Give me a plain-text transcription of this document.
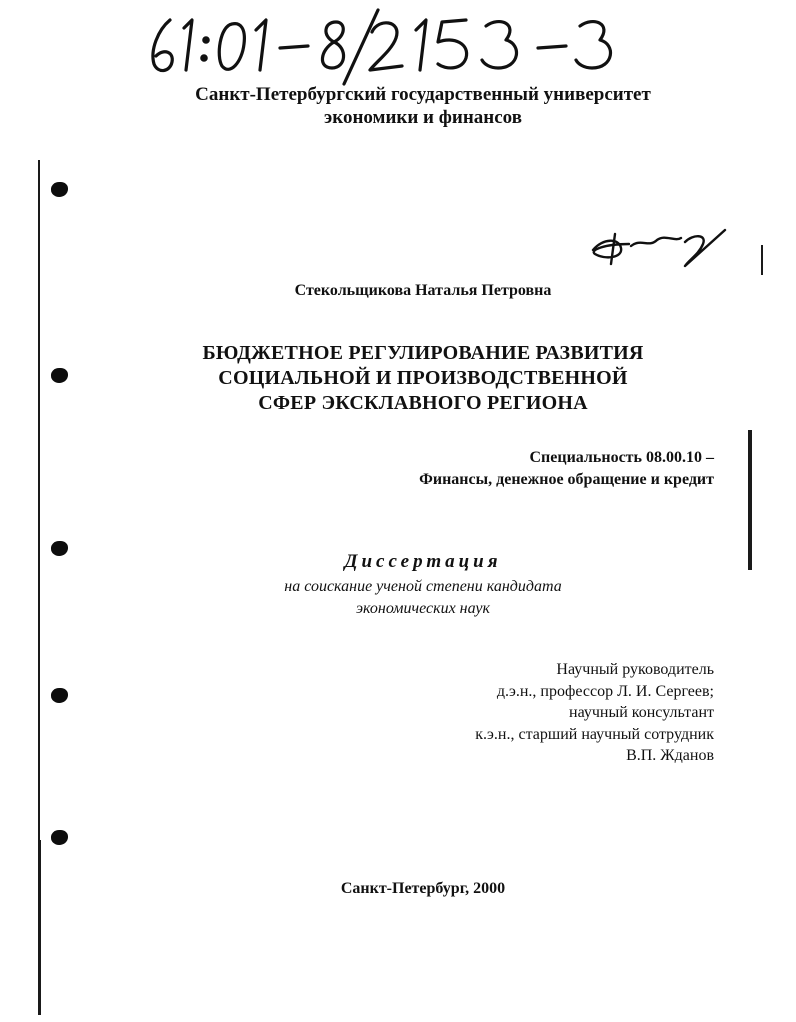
Санкт-Петербургский государственный университет
экономики и финансов
Стекольщикова Наталья Петровна
БЮДЖЕТНОЕ РЕГУЛИРОВАНИЕ РАЗВИТИЯ
СОЦИАЛЬНОЙ И ПРОИЗВОДСТВЕННОЙ
СФЕР ЭКСКЛАВНОГО РЕГИОНА
Специальность 08.00.10 –
Финансы, денежное обращение и кредит
Диссертация
на соискание ученой степени кандидата
экономических наук
Научный руководитель
д.э.н., профессор Л. И. Сергеев;
научный консультант
к.э.н., старший научный сотрудник
В.П. Жданов
Санкт-Петербург, 2000
